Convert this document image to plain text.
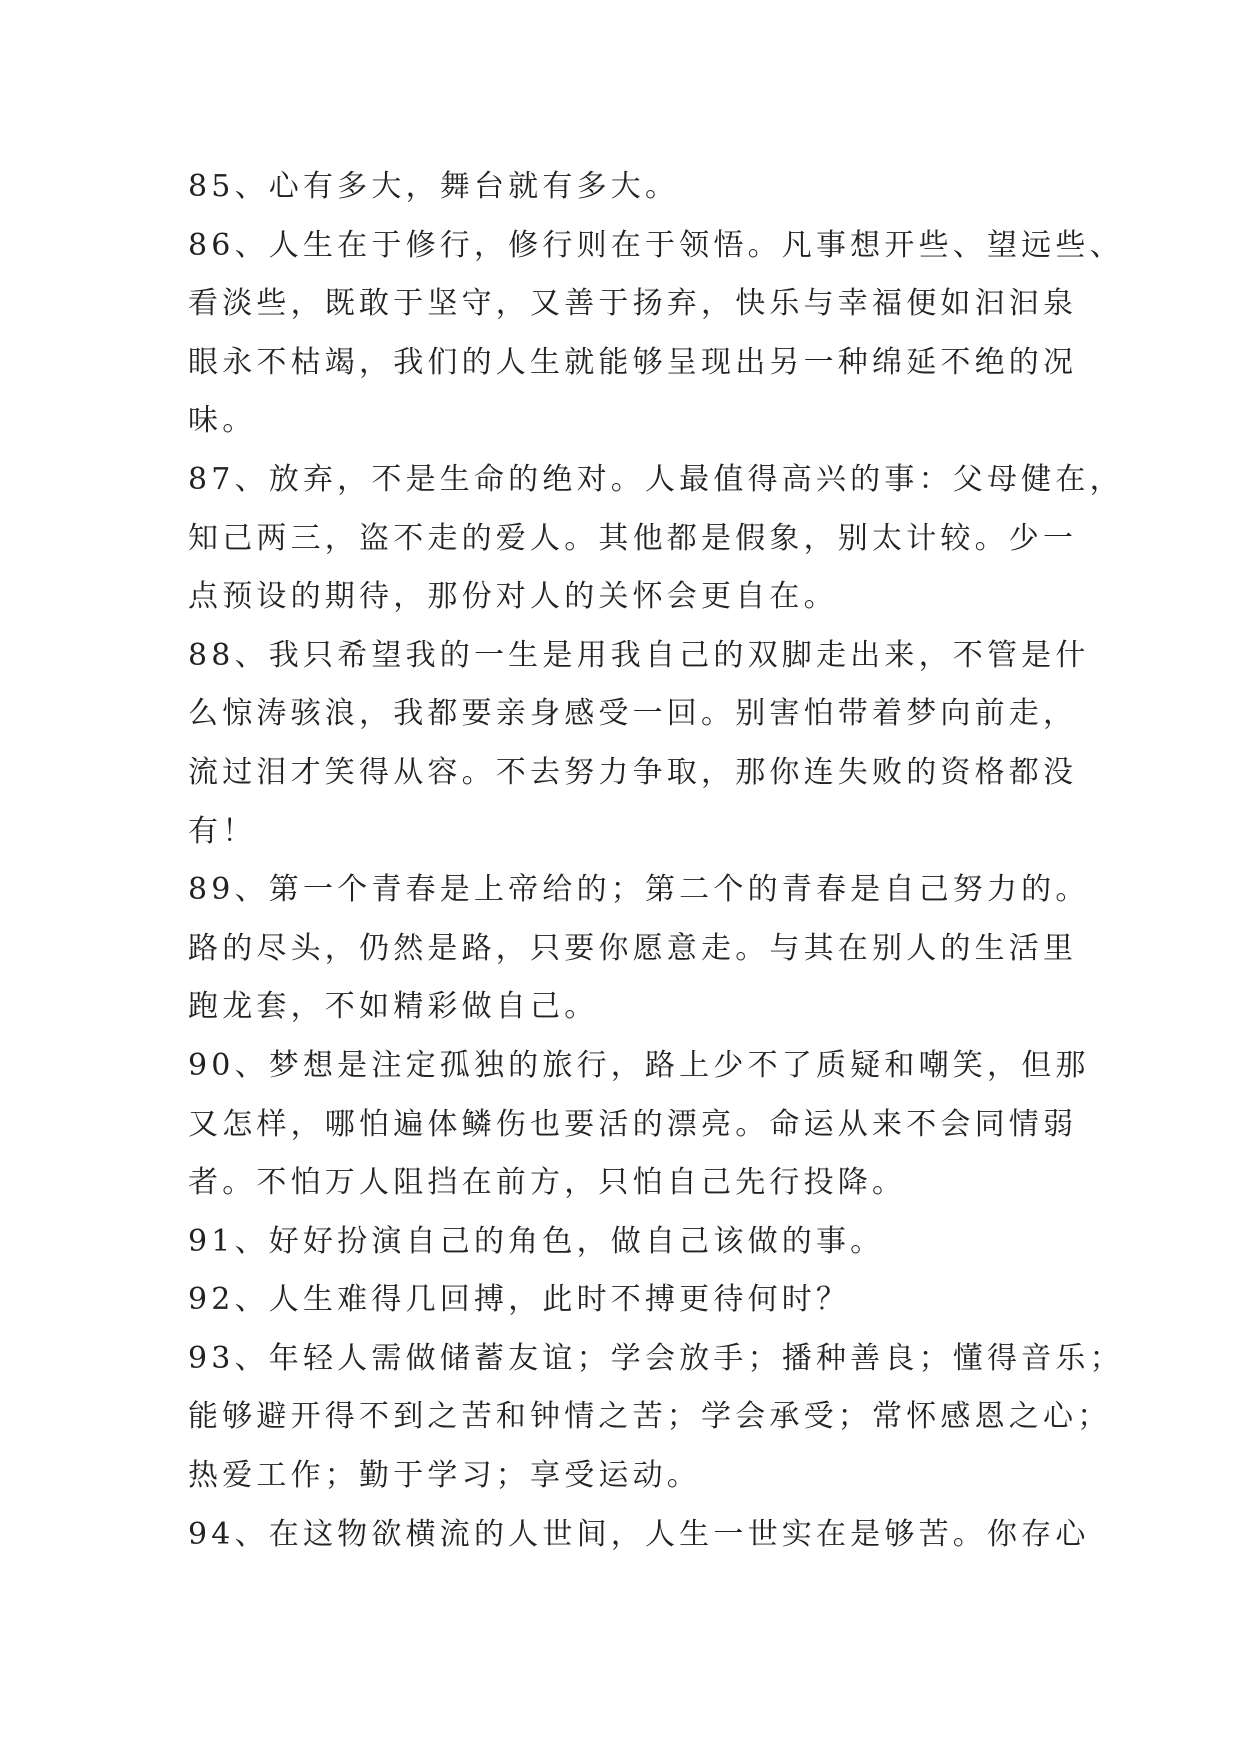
85、心有多大，舞台就有多大。
86、人生在于修行，修行则在于领悟。凡事想开些、望远些、
看淡些，既敢于坚守，又善于扬弃，快乐与幸福便如汩汩泉
眼永不枯竭，我们的人生就能够呈现出另一种绵延不绝的况
味。
87、放弃，不是生命的绝对。人最值得高兴的事：父母健在，
知己两三，盗不走的爱人。其他都是假象，别太计较。少一
点预设的期待，那份对人的关怀会更自在。
88、我只希望我的一生是用我自己的双脚走出来，不管是什
么惊涛骇浪，我都要亲身感受一回。别害怕带着梦向前走，
流过泪才笑得从容。不去努力争取，那你连失败的资格都没
有！
89、第一个青春是上帝给的；第二个的青春是自己努力的。
路的尽头，仍然是路，只要你愿意走。与其在别人的生活里
跑龙套，不如精彩做自己。
90、梦想是注定孤独的旅行，路上少不了质疑和嘲笑，但那
又怎样，哪怕遍体鳞伤也要活的漂亮。命运从来不会同情弱
者。不怕万人阻挡在前方，只怕自己先行投降。
91、好好扮演自己的角色，做自己该做的事。
92、人生难得几回搏，此时不搏更待何时？
93、年轻人需做储蓄友谊；学会放手；播种善良；懂得音乐；
能够避开得不到之苦和钟情之苦；学会承受；常怀感恩之心；
热爱工作；勤于学习；享受运动。
94、在这物欲横流的人世间，人生一世实在是够苦。你存心
